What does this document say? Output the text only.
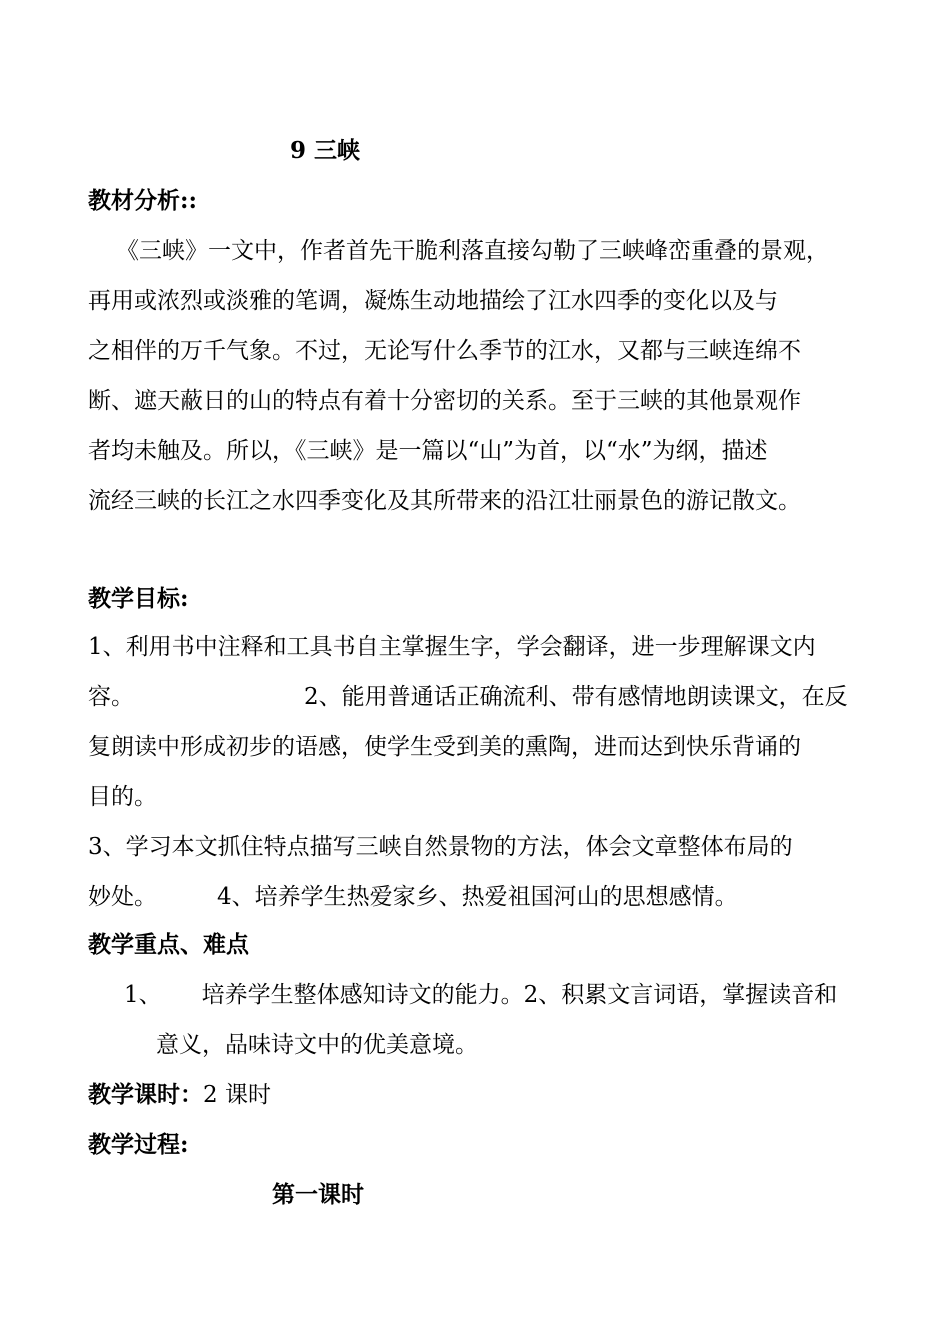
9 三峡
教材分析::
《三峡》一文中，作者首先干脆利落直接勾勒了三峡峰峦重叠的景观，
再用或浓烈或淡雅的笔调，凝炼生动地描绘了江水四季的变化以及与
之相伴的万千气象。不过，无论写什么季节的江水，又都与三峡连绵不
断、遮天蔽日的山的特点有着十分密切的关系。至于三峡的其他景观作
者均未触及。所以，《三峡》是一篇以“山”为首，以“水”为纲，描述
流经三峡的长江之水四季变化及其所带来的沿江壮丽景色的游记散文。
教学目标:
1、利用书中注释和工具书自主掌握生字，学会翻译，进一步理解课文内
容。	2、能用普通话正确流利、带有感情地朗读课文，在反
复朗读中形成初步的语感，使学生受到美的熏陶，进而达到快乐背诵的
目的。
3、学习本文抓住特点描写三峡自然景物的方法，体会文章整体布局的
妙处。	4、培养学生热爱家乡、热爱祖国河山的思想感情。
教学重点、难点
1、 培养学生整体感知诗文的能力。2、积累文言词语，掌握读音和
意义，品味诗文中的优美意境。
教学课时：2 课时
教学过程:
第一课时
